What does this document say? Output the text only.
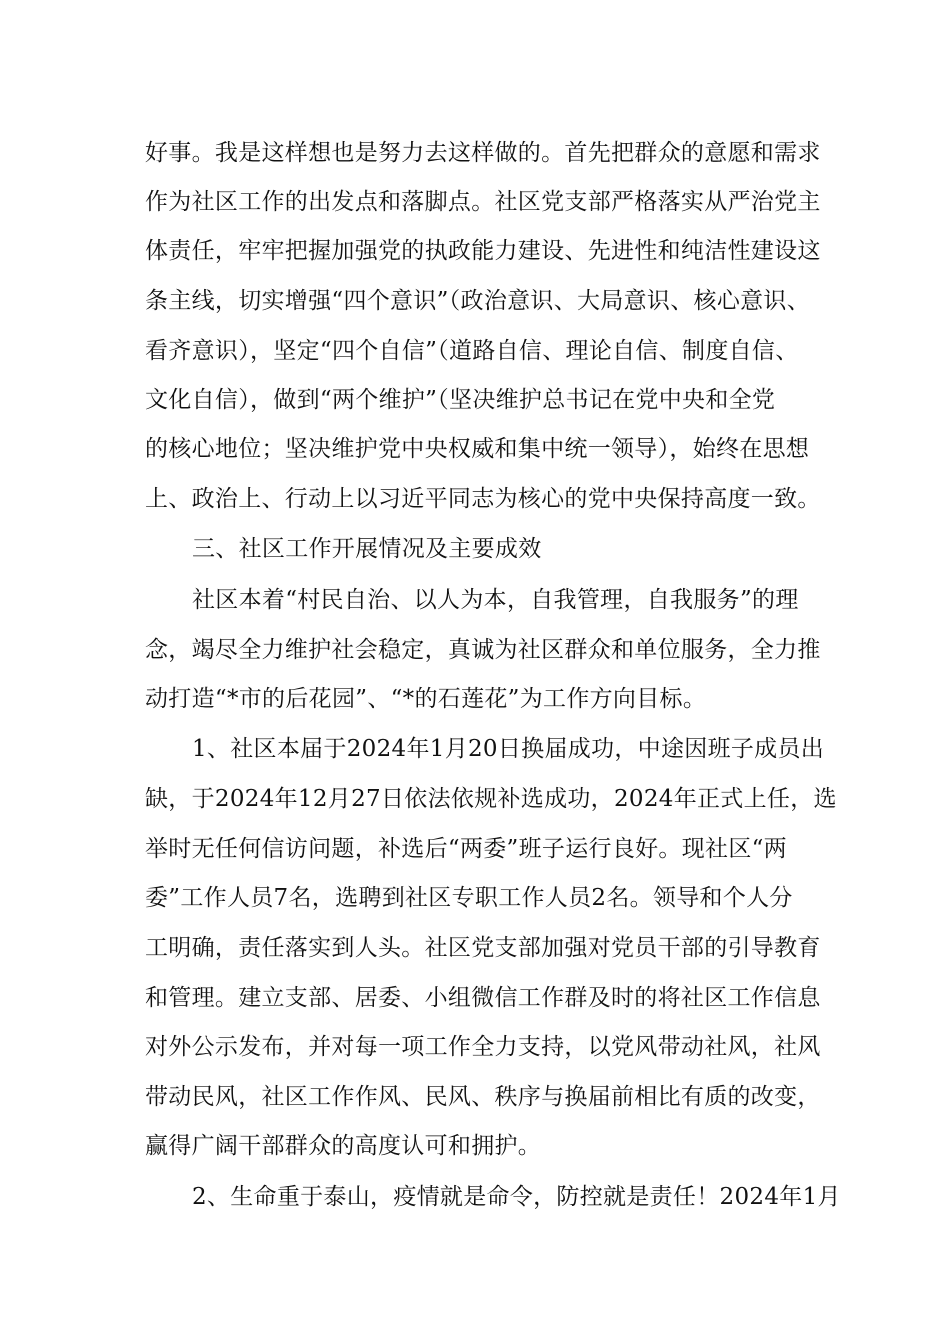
好事。我是这样想也是努力去这样做的。首先把群众的意愿和需求
作为社区工作的出发点和落脚点。社区党支部严格落实从严治党主
体责任，牢牢把握加强党的执政能力建设、先进性和纯洁性建设这
条主线，切实增强“四个意识”（政治意识、大局意识、核心意识、
看齐意识），坚定“四个自信”（道路自信、理论自信、制度自信、
文化自信），做到“两个维护”（坚决维护总书记在党中央和全党
的核心地位；坚决维护党中央权威和集中统一领导），始终在思想
上、政治上、行动上以习近平同志为核心的党中央保持高度一致。
三、社区工作开展情况及主要成效
社区本着“村民自治、以人为本，自我管理，自我服务”的理
念，竭尽全力维护社会稳定，真诚为社区群众和单位服务，全力推
动打造“*市的后花园”、“*的石莲花”为工作方向目标。
1、社区本届于2024年1月20日换届成功，中途因班子成员出
缺，于2024年12月27日依法依规补选成功，2024年正式上任，选
举时无任何信访问题，补选后“两委”班子运行良好。现社区“两
委”工作人员7名，选聘到社区专职工作人员2名。领导和个人分
工明确，责任落实到人头。社区党支部加强对党员干部的引导教育
和管理。建立支部、居委、小组微信工作群及时的将社区工作信息
对外公示发布，并对每一项工作全力支持，以党风带动社风，社风
带动民风，社区工作作风、民风、秩序与换届前相比有质的改变，
赢得广阔干部群众的高度认可和拥护。
2、生命重于泰山，疫情就是命令，防控就是责任！2024年1月
